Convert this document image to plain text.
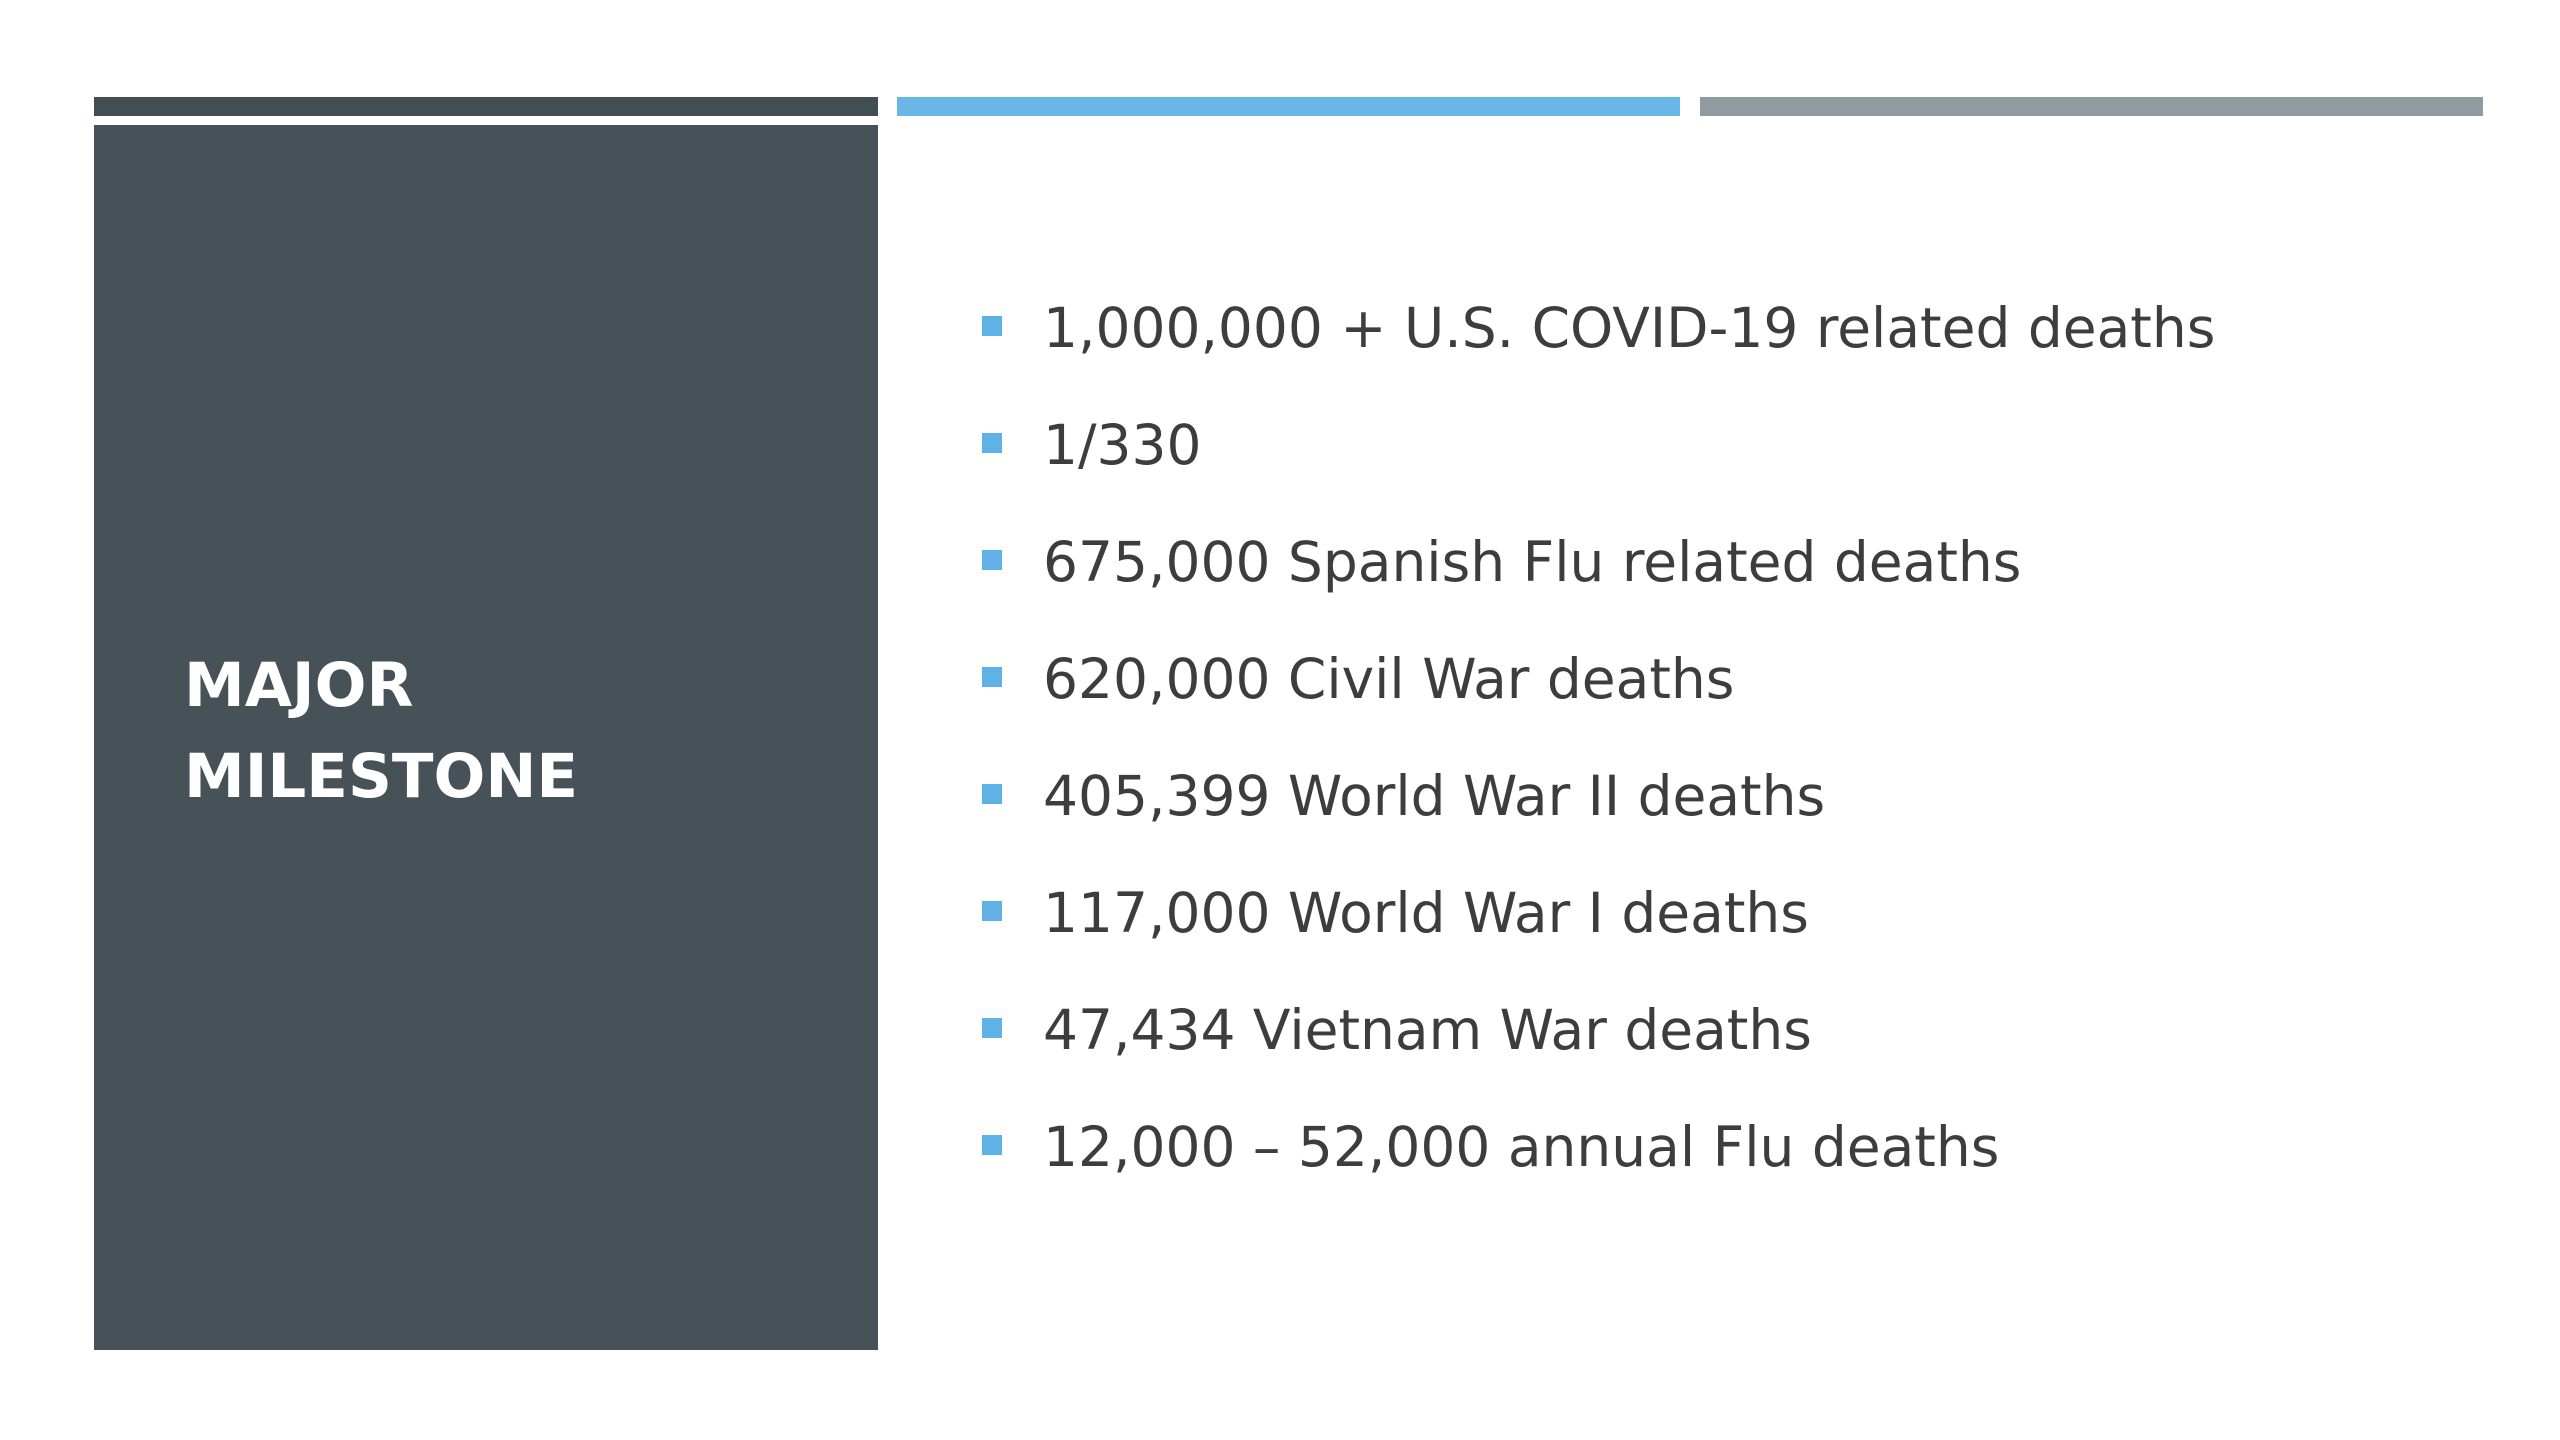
MAJOR
MILESTONE
1,000,000 + U.S. COVID-19 related deaths
1/330
675,000 Spanish Flu related deaths
620,000 Civil War deaths
405,399 World War II deaths
117,000 World War I deaths
47,434 Vietnam War deaths
12,000 – 52,000 annual Flu deaths
